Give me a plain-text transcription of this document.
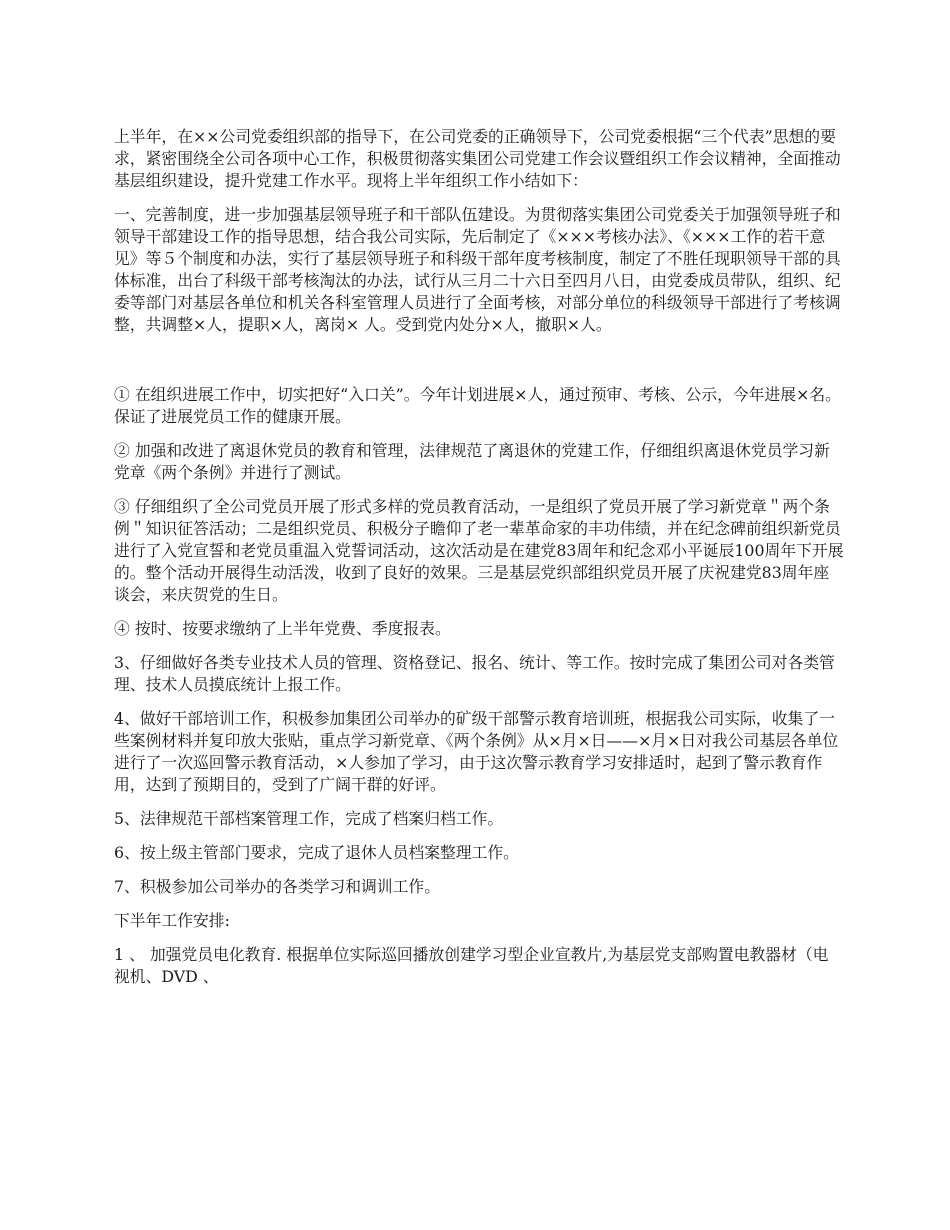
上半年，在××公司党委组织部的指导下，在公司党委的正确领导下，公司党委根据“三个代表”思想的要求，紧密围绕全公司各项中心工作，积极贯彻落实集团公司党建工作会议暨组织工作会议精神，全面推动基层组织建设，提升党建工作水平。现将上半年组织工作小结如下：

一、完善制度，进一步加强基层领导班子和干部队伍建设。为贯彻落实集团公司党委关于加强领导班子和领导干部建设工作的指导思想，结合我公司实际，先后制定了《×××考核办法》、《×××工作的若干意见》等５个制度和办法，实行了基层领导班子和科级干部年度考核制度，制定了不胜任现职领导干部的具体标准，出台了科级干部考核淘汰的办法，试行从三月二十六日至四月八日，由党委成员带队，组织、纪委等部门对基层各单位和机关各科室管理人员进行了全面考核，对部分单位的科级领导干部进行了考核调整，共调整×人，提职×人，离岗× 人。受到党内处分×人，撤职×人。

① 在组织进展工作中，切实把好“入口关”。今年计划进展×人，通过预审、考核、公示，今年进展×名。保证了进展党员工作的健康开展。

② 加强和改进了离退休党员的教育和管理，法律规范了离退休的党建工作，仔细组织离退休党员学习新党章《两个条例》并进行了测试。

③ 仔细组织了全公司党员开展了形式多样的党员教育活动，一是组织了党员开展了学习新党章＂两个条例＂知识征答活动；二是组织党员、积极分子瞻仰了老一辈革命家的丰功伟绩，并在纪念碑前组织新党员进行了入党宣誓和老党员重温入党誓词活动，这次活动是在建党83周年和纪念邓小平诞辰100周年下开展的。整个活动开展得生动活泼，收到了良好的效果。三是基层党织部组织党员开展了庆祝建党83周年座谈会，来庆贺党的生日。

④ 按时、按要求缴纳了上半年党费、季度报表。

3、仔细做好各类专业技术人员的管理、资格登记、报名、统计、等工作。按时完成了集团公司对各类管理、技术人员摸底统计上报工作。

4、做好干部培训工作，积极参加集团公司举办的矿级干部警示教育培训班，根据我公司实际，收集了一些案例材料并复印放大张贴，重点学习新党章、《两个条例》从×月×日——×月×日对我公司基层各单位进行了一次巡回警示教育活动，×人参加了学习，由于这次警示教育学习安排适时，起到了警示教育作用，达到了预期目的，受到了广阔干群的好评。

5、法律规范干部档案管理工作，完成了档案归档工作。

6、按上级主管部门要求，完成了退休人员档案整理工作。

7、积极参加公司举办的各类学习和调训工作。

下半年工作安排:

1 、 加强党员电化教育. 根据单位实际巡回播放创建学习型企业宣教片,为基层党支部购置电教器材（电视机、DVD 、
